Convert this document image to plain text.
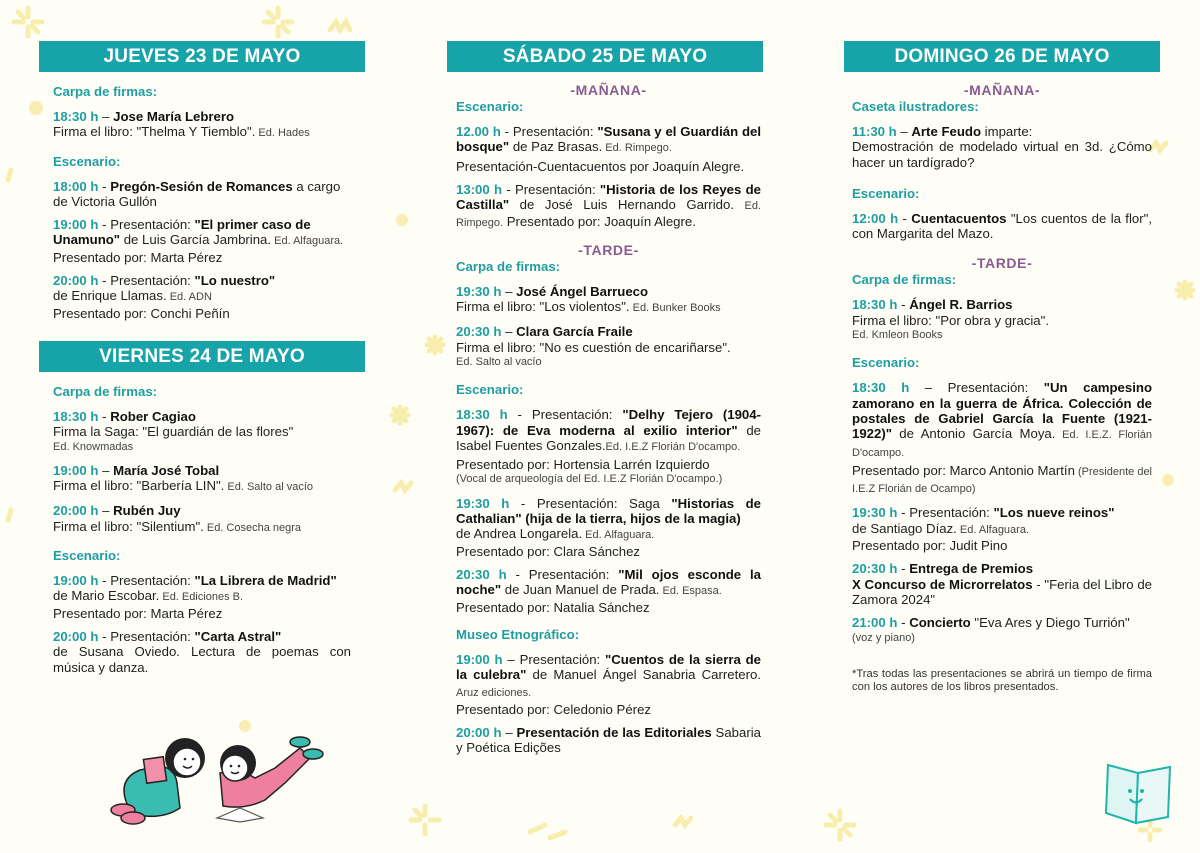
JUEVES 23 DE MAYO
Carpa de firmas:
18:30 h – Jose María Lebrero
Firma el libro: "Thelma Y Tiemblo". Ed. Hades
Escenario:
18:00 h - Pregón-Sesión de Romances a cargo de Victoria Gullón
19:00 h - Presentación: "El primer caso de Unamuno" de Luis García Jambrina. Ed. Alfaguara.
Presentado por: Marta Pérez
20:00 h - Presentación: "Lo nuestro"
de Enrique Llamas. Ed. ADN
Presentado por: Conchi Peñín
VIERNES 24 DE MAYO
Carpa de firmas:
18:30 h - Rober Cagiao
Firma la Saga: "El guardián de las flores"
Ed. Knowmadas
19:00 h – María José Tobal
Firma el libro: "Barbería LIN". Ed. Salto al vacío
20:00 h – Rubén Juy
Firma el libro: "Silentium". Ed. Cosecha negra
Escenario:
19:00 h - Presentación: "La Librera de Madrid"
de Mario Escobar. Ed. Ediciones B.
Presentado por: Marta Pérez
20:00 h - Presentación: "Carta Astral"
de Susana Oviedo. Lectura de poemas con música y danza.
SÁBADO 25 DE MAYO
-MAÑANA-
Escenario:
12.00 h - Presentación: "Susana y el Guardián del bosque" de Paz Brasas. Ed. Rimpego.
Presentación-Cuentacuentos por Joaquín Alegre.
13:00 h - Presentación: "Historia de los Reyes de Castilla" de José Luis Hernando Garrido. Ed. Rimpego. Presentado por: Joaquín Alegre.
-TARDE-
Carpa de firmas:
19:30 h – José Ángel Barrueco
Firma el libro: "Los violentos". Ed. Bunker Books
20:30 h – Clara García Fraile
Firma el libro: "No es cuestión de encariñarse".
Ed. Salto al vacío
Escenario:
18:30 h - Presentación: "Delhy Tejero (1904-1967): de Eva moderna al exilio interior" de Isabel Fuentes Gonzales.Ed. I.E.Z Florián D'ocampo.
Presentado por: Hortensia Larrén Izquierdo
(Vocal de arqueología del Ed. I.E.Z Florián D'ocampo.)
19:30 h - Presentación: Saga "Historias de Cathalian" (hija de la tierra, hijos de la magia)
de Andrea Longarela. Ed. Alfaguara.
Presentado por: Clara Sánchez
20:30 h - Presentación: "Mil ojos esconde la noche" de Juan Manuel de Prada. Ed. Espasa.
Presentado por: Natalia Sánchez
Museo Etnográfico:
19:00 h – Presentación: "Cuentos de la sierra de la culebra" de Manuel Ángel Sanabria Carretero. Aruz ediciones.
Presentado por: Celedonio Pérez
20:00 h – Presentación de las Editoriales Sabaria y Poética Edições
DOMINGO 26 DE MAYO
-MAÑANA-
Caseta ilustradores:
11:30 h – Arte Feudo imparte:
Demostración de modelado virtual en 3d. ¿Cómo hacer un tardígrado?
Escenario:
12:00 h - Cuentacuentos "Los cuentos de la flor", con Margarita del Mazo.
-TARDE-
Carpa de firmas:
18:30 h - Ángel R. Barrios
Firma el libro: "Por obra y gracia".
Ed. Kmleon Books
Escenario:
18:30 h – Presentación: "Un campesino zamorano en la guerra de África. Colección de postales de Gabriel García la Fuente (1921-1922)" de Antonio García Moya. Ed. I.E.Z. Florián D'ocampo.
Presentado por: Marco Antonio Martín (Presidente del I.E.Z Florián de Ocampo)
19:30 h - Presentación: "Los nueve reinos"
de Santiago Díaz. Ed. Alfaguara.
Presentado por: Judit Pino
20:30 h - Entrega de Premios
X Concurso de Microrrelatos - "Feria del Libro de Zamora 2024"
21:00 h - Concierto "Eva Ares y Diego Turrión"
(voz y piano)
*Tras todas las presentaciones se abrirá un tiempo de firma con los autores de los libros presentados.
